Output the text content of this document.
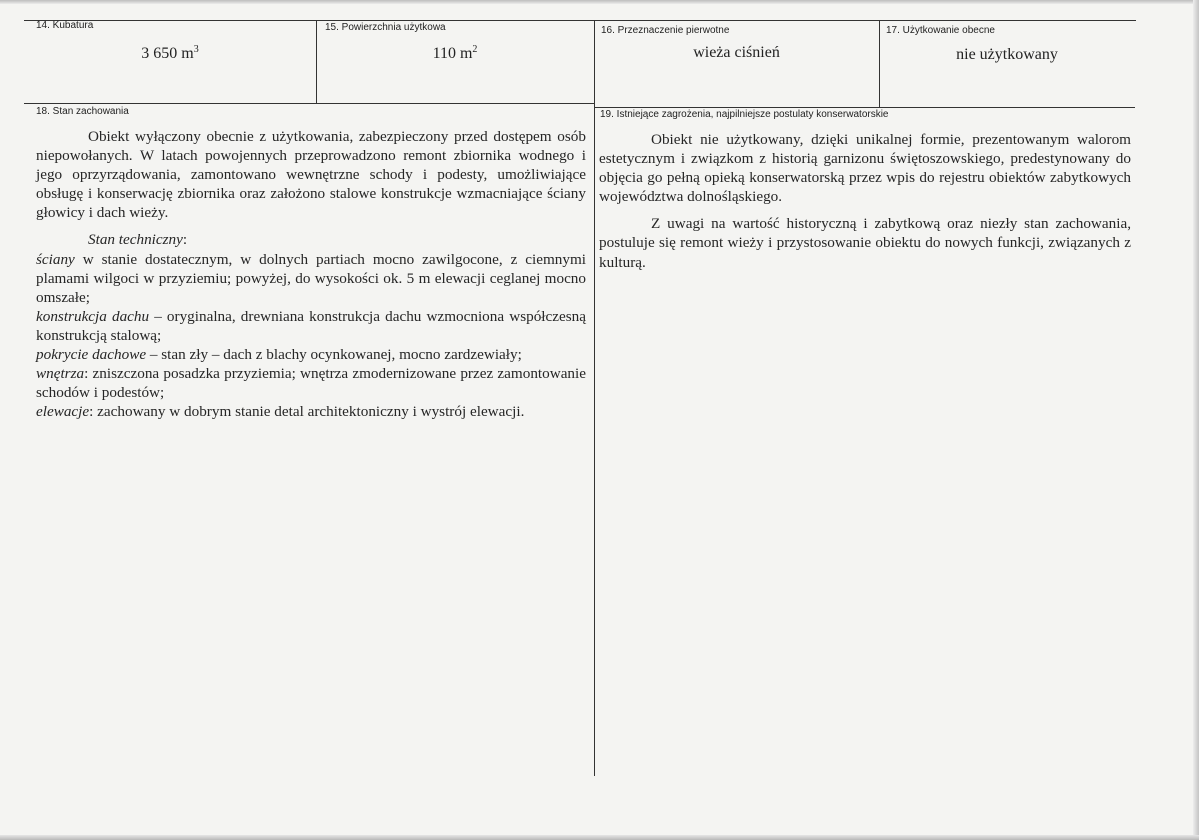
14. Kubatura
3 650 $m^3$
15. Powierzchnia użytkowa
110 $m^2$
16. Przeznaczenie pierwotne
wieża ciśnień
17. Użytkowanie obecne
nie użytkowany
18. Stan zachowania

Obiekt wyłączony obecnie z użytkowania, zabezpieczony przed dostępem osób niepowołanych. W latach powojennych przeprowadzono remont zbiornika wodnego i jego oprzyrządowania, zamontowano wewnętrzne schody i podesty, umożliwiające obsługę i konserwację zbiornika oraz założono stalowe konstrukcje wzmacniające ściany głowicy i dach wieży.

Stan techniczny:

ściany w stanie dostatecznym, w dolnych partiach mocno zawilgocone, z ciemnymi plamami wilgoci w przyziemiu; powyżej, do wysokości ok. 5 m elewacji ceglanej mocno omszałe;

konstrukcja dachu – oryginalna, drewniana konstrukcja dachu wzmocniona współczesną konstrukcją stalową;

pokrycie dachowe – stan zły – dach z blachy ocynkowanej, mocno zardzewiały;

wnętrza: zniszczona posadzka przyziemia; wnętrza zmodernizowane przez zamontowanie schodów i podestów;

elewacje: zachowany w dobrym stanie detal architektoniczny i wystrój elewacji.

19. Istniejące zagrożenia, najpilniejsze postulaty konserwatorskie

Obiekt nie użytkowany, dzięki unikalnej formie, prezentowanym walorom estetycznym i związkom z historią garnizonu świętoszowskiego, predestynowany do objęcia go pełną opieką konserwatorską przez wpis do rejestru obiektów zabytkowych województwa dolnośląskiego.

Z uwagi na wartość historyczną i zabytkową oraz niezły stan zachowania, postuluje się remont wieży i przystosowanie obiektu do nowych funkcji, związanych z kulturą.
